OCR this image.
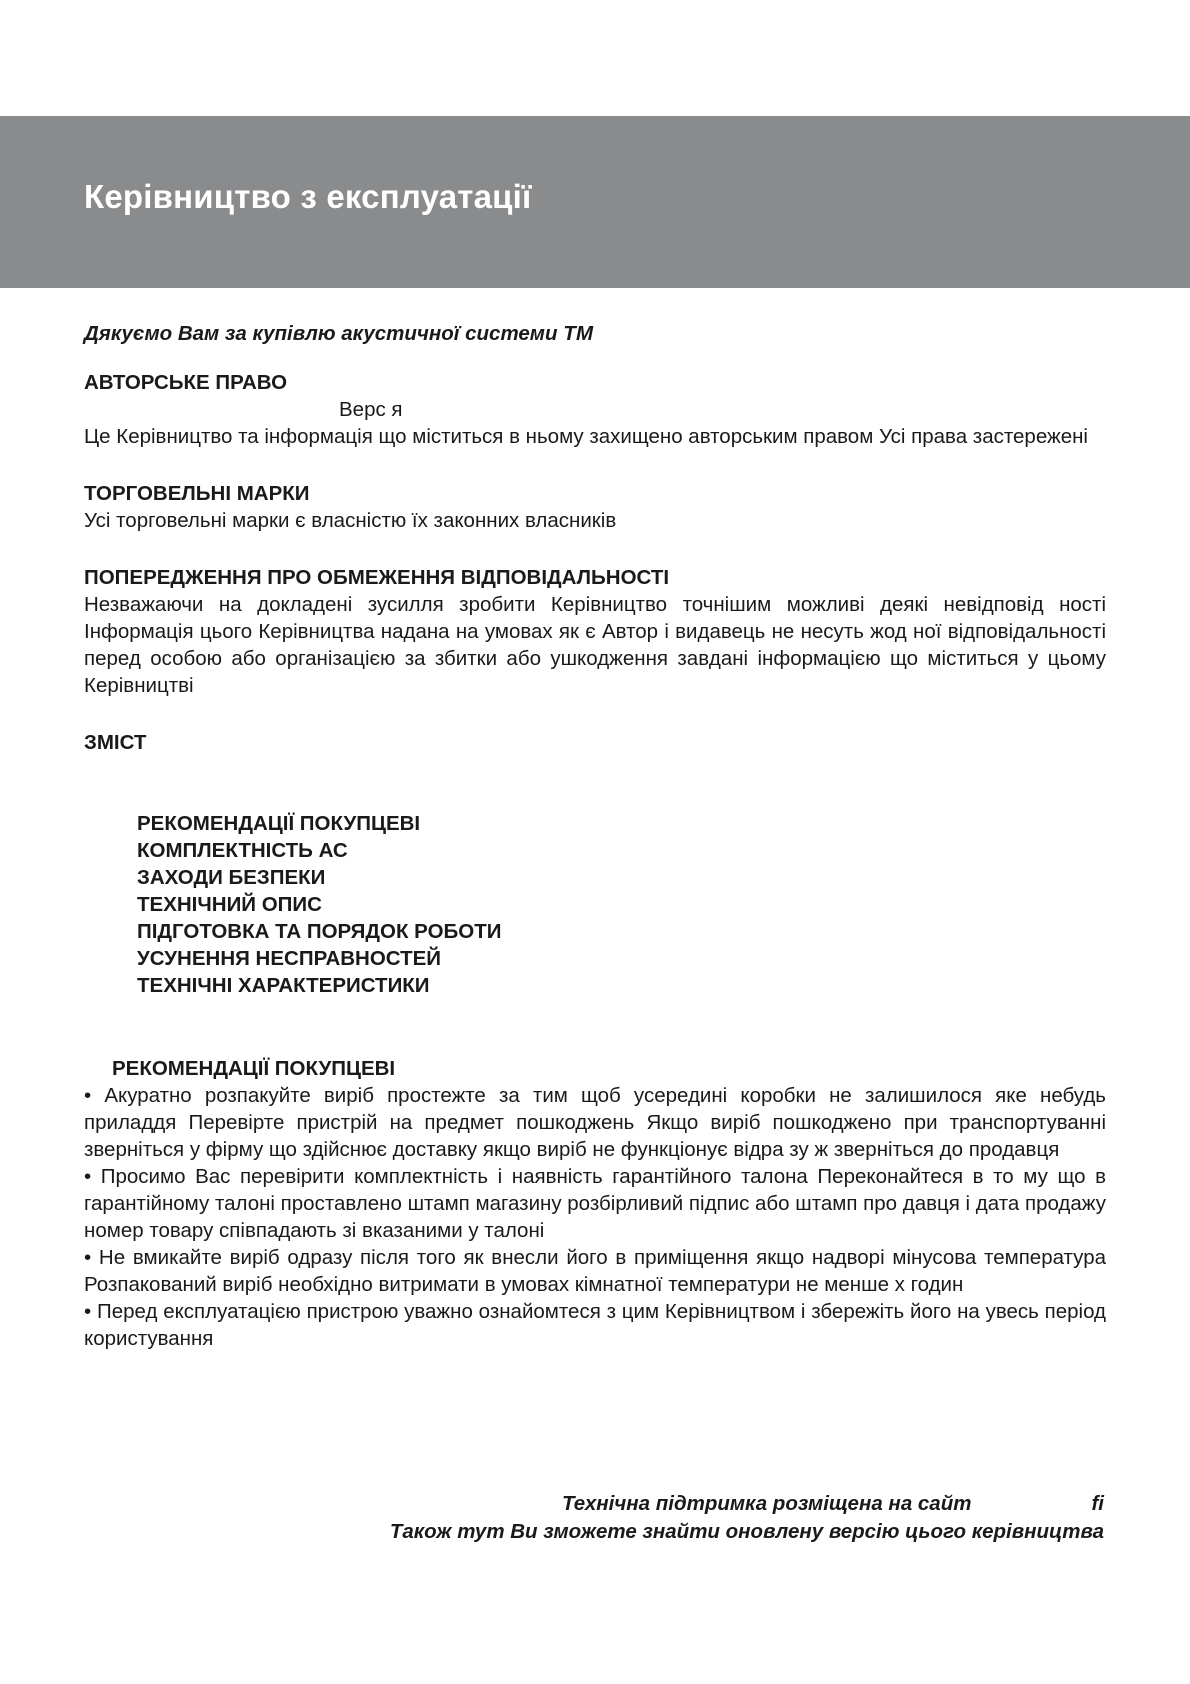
Керівництво з експлуатації

Дякуємо Вам за купівлю акустичної системи ТМ

АВТОРСЬКЕ ПРАВО

Верс я

Це Керівництво та інформація що міститься в ньому захищено авторським правом Усі права застережені

ТОРГОВЕЛЬНІ МАРКИ

Усі торговельні марки є власністю їх законних власників

ПОПЕРЕДЖЕННЯ ПРО ОБМЕЖЕННЯ ВІДПОВІДАЛЬНОСТІ

Незважаючи на докладені зусилля зробити Керівництво точнішим можливі деякі невідповід ності Інформація цього Керівництва надана на умовах як є Автор і видавець не несуть жод ної відповідальності перед особою або організацією за збитки або ушкодження завдані інформацією що міститься у цьому Керівництві

ЗМІСТ

РЕКОМЕНДАЦІЇ ПОКУПЦЕВІ
КОМПЛЕКТНІСТЬ АС
ЗАХОДИ БЕЗПЕКИ
ТЕХНІЧНИЙ ОПИС
ПІДГОТОВКА ТА ПОРЯДОК РОБОТИ
УСУНЕННЯ НЕСПРАВНОСТЕЙ
ТЕХНІЧНІ ХАРАКТЕРИСТИКИ

РЕКОМЕНДАЦІЇ ПОКУПЦЕВІ

• Акуратно розпакуйте виріб простежте за тим щоб усередині коробки не залишилося яке небудь приладдя Перевірте пристрій на предмет пошкоджень Якщо виріб пошкоджено при транспортуванні зверніться у фірму що здійснює доставку якщо виріб не функціонує відра зу ж зверніться до продавця
• Просимо Вас перевірити комплектність і наявність гарантійного талона Переконайтеся в то му що в гарантійному талоні проставлено штамп магазину розбірливий підпис або штамп про давця і дата продажу номер товару співпадають зі вказаними у талоні
• Не вмикайте виріб одразу після того як внесли його в приміщення якщо надворі мінусова температура Розпакований виріб необхідно витримати в умовах кімнатної температури не менше х годин
• Перед експлуатацією пристрою уважно ознайомтеся з цим Керівництвом і збережіть його на увесь період користування
Технічна підтримка розміщена на сайт	fi
Також тут Ви зможете знайти оновлену версію цього керівництва
